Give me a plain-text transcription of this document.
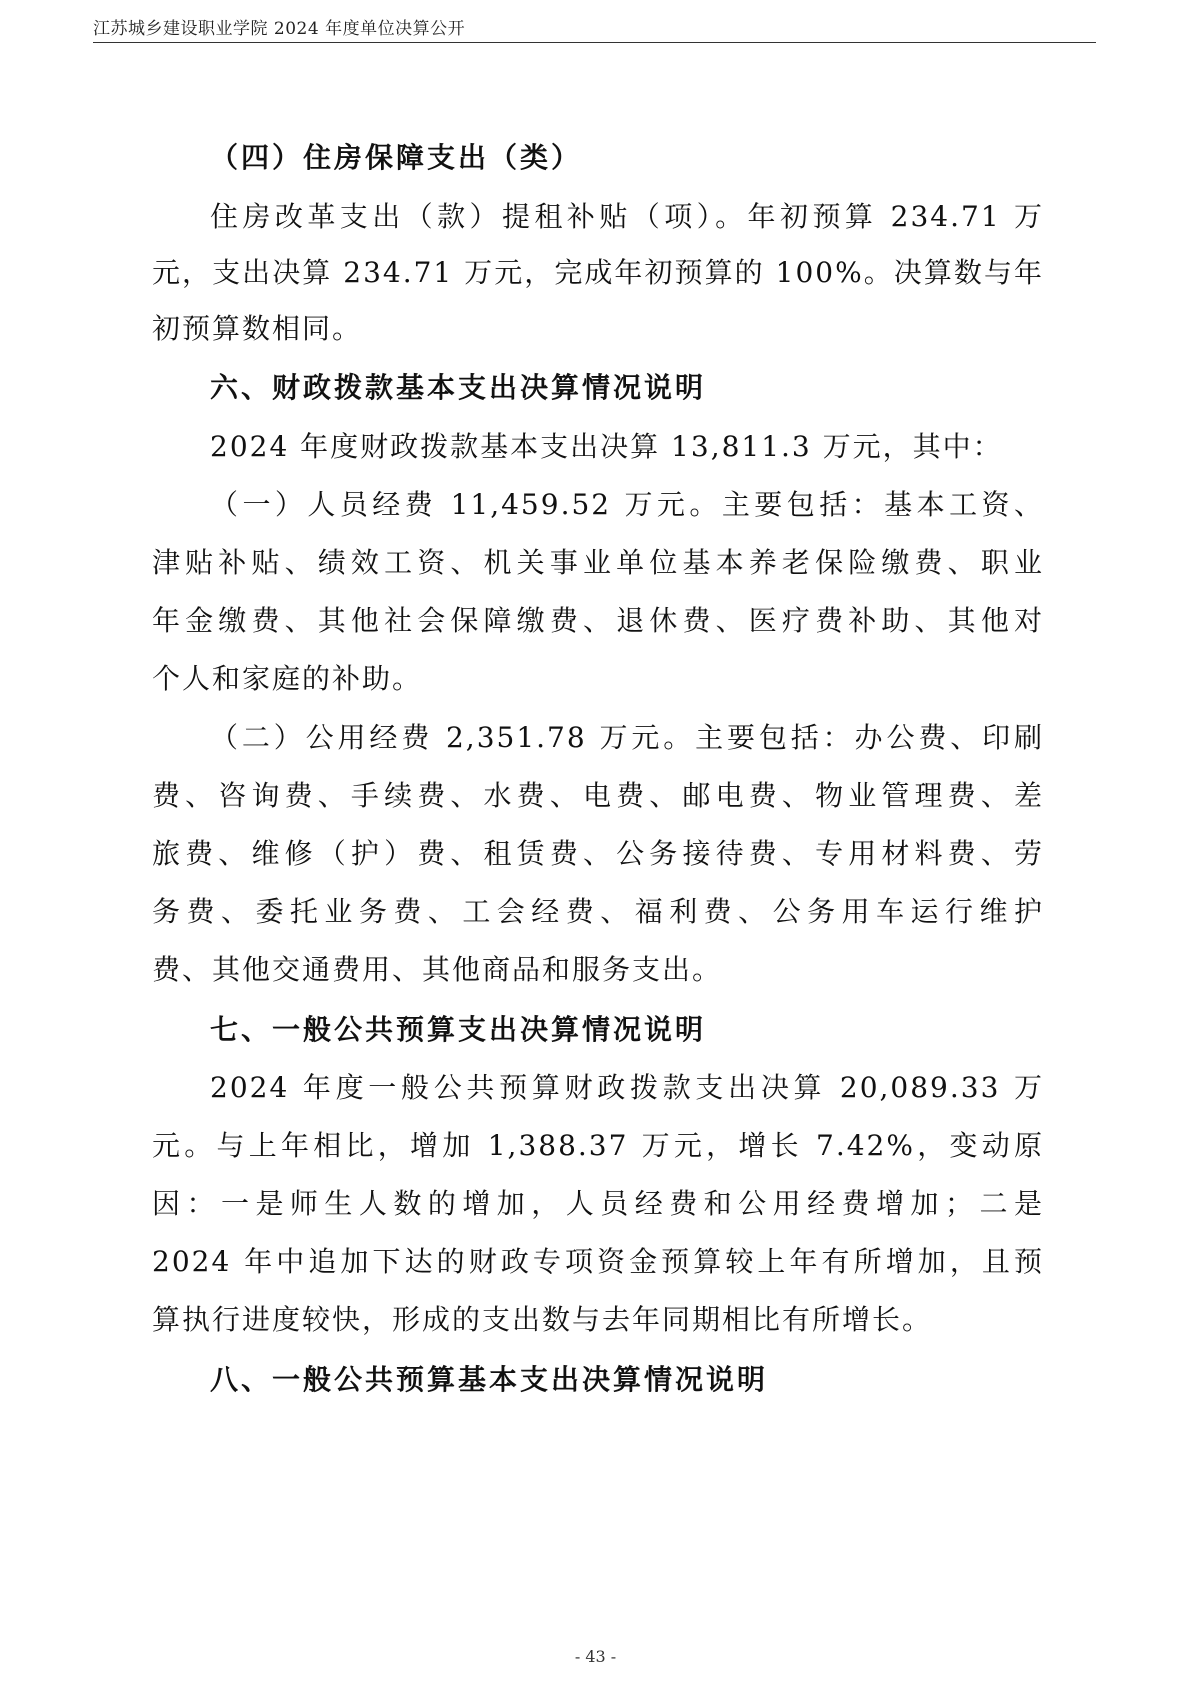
江苏城乡建设职业学院 2024 年度单位决算公开
（四）住房保障支出（类）
住房改革支出（款）提租补贴（项）。年初预算 234.71 万
元，支出决算 234.71 万元，完成年初预算的 100%。决算数与年
初预算数相同。
六、财政拨款基本支出决算情况说明
2024 年度财政拨款基本支出决算 13,811.3 万元，其中：
（一）人员经费 11,459.52 万元。主要包括：基本工资、
津贴补贴、绩效工资、机关事业单位基本养老保险缴费、职业
年金缴费、其他社会保障缴费、退休费、医疗费补助、其他对
个人和家庭的补助。
（二）公用经费 2,351.78 万元。主要包括：办公费、印刷
费、咨询费、手续费、水费、电费、邮电费、物业管理费、差
旅费、维修（护）费、租赁费、公务接待费、专用材料费、劳
务费、委托业务费、工会经费、福利费、公务用车运行维护
费、其他交通费用、其他商品和服务支出。
七、一般公共预算支出决算情况说明
2024 年度一般公共预算财政拨款支出决算 20,089.33 万
元。与上年相比，增加 1,388.37 万元，增长 7.42%，变动原
因：一是师生人数的增加，人员经费和公用经费增加；二是
2024 年中追加下达的财政专项资金预算较上年有所增加，且预
算执行进度较快，形成的支出数与去年同期相比有所增长。
八、一般公共预算基本支出决算情况说明
- 43 -
